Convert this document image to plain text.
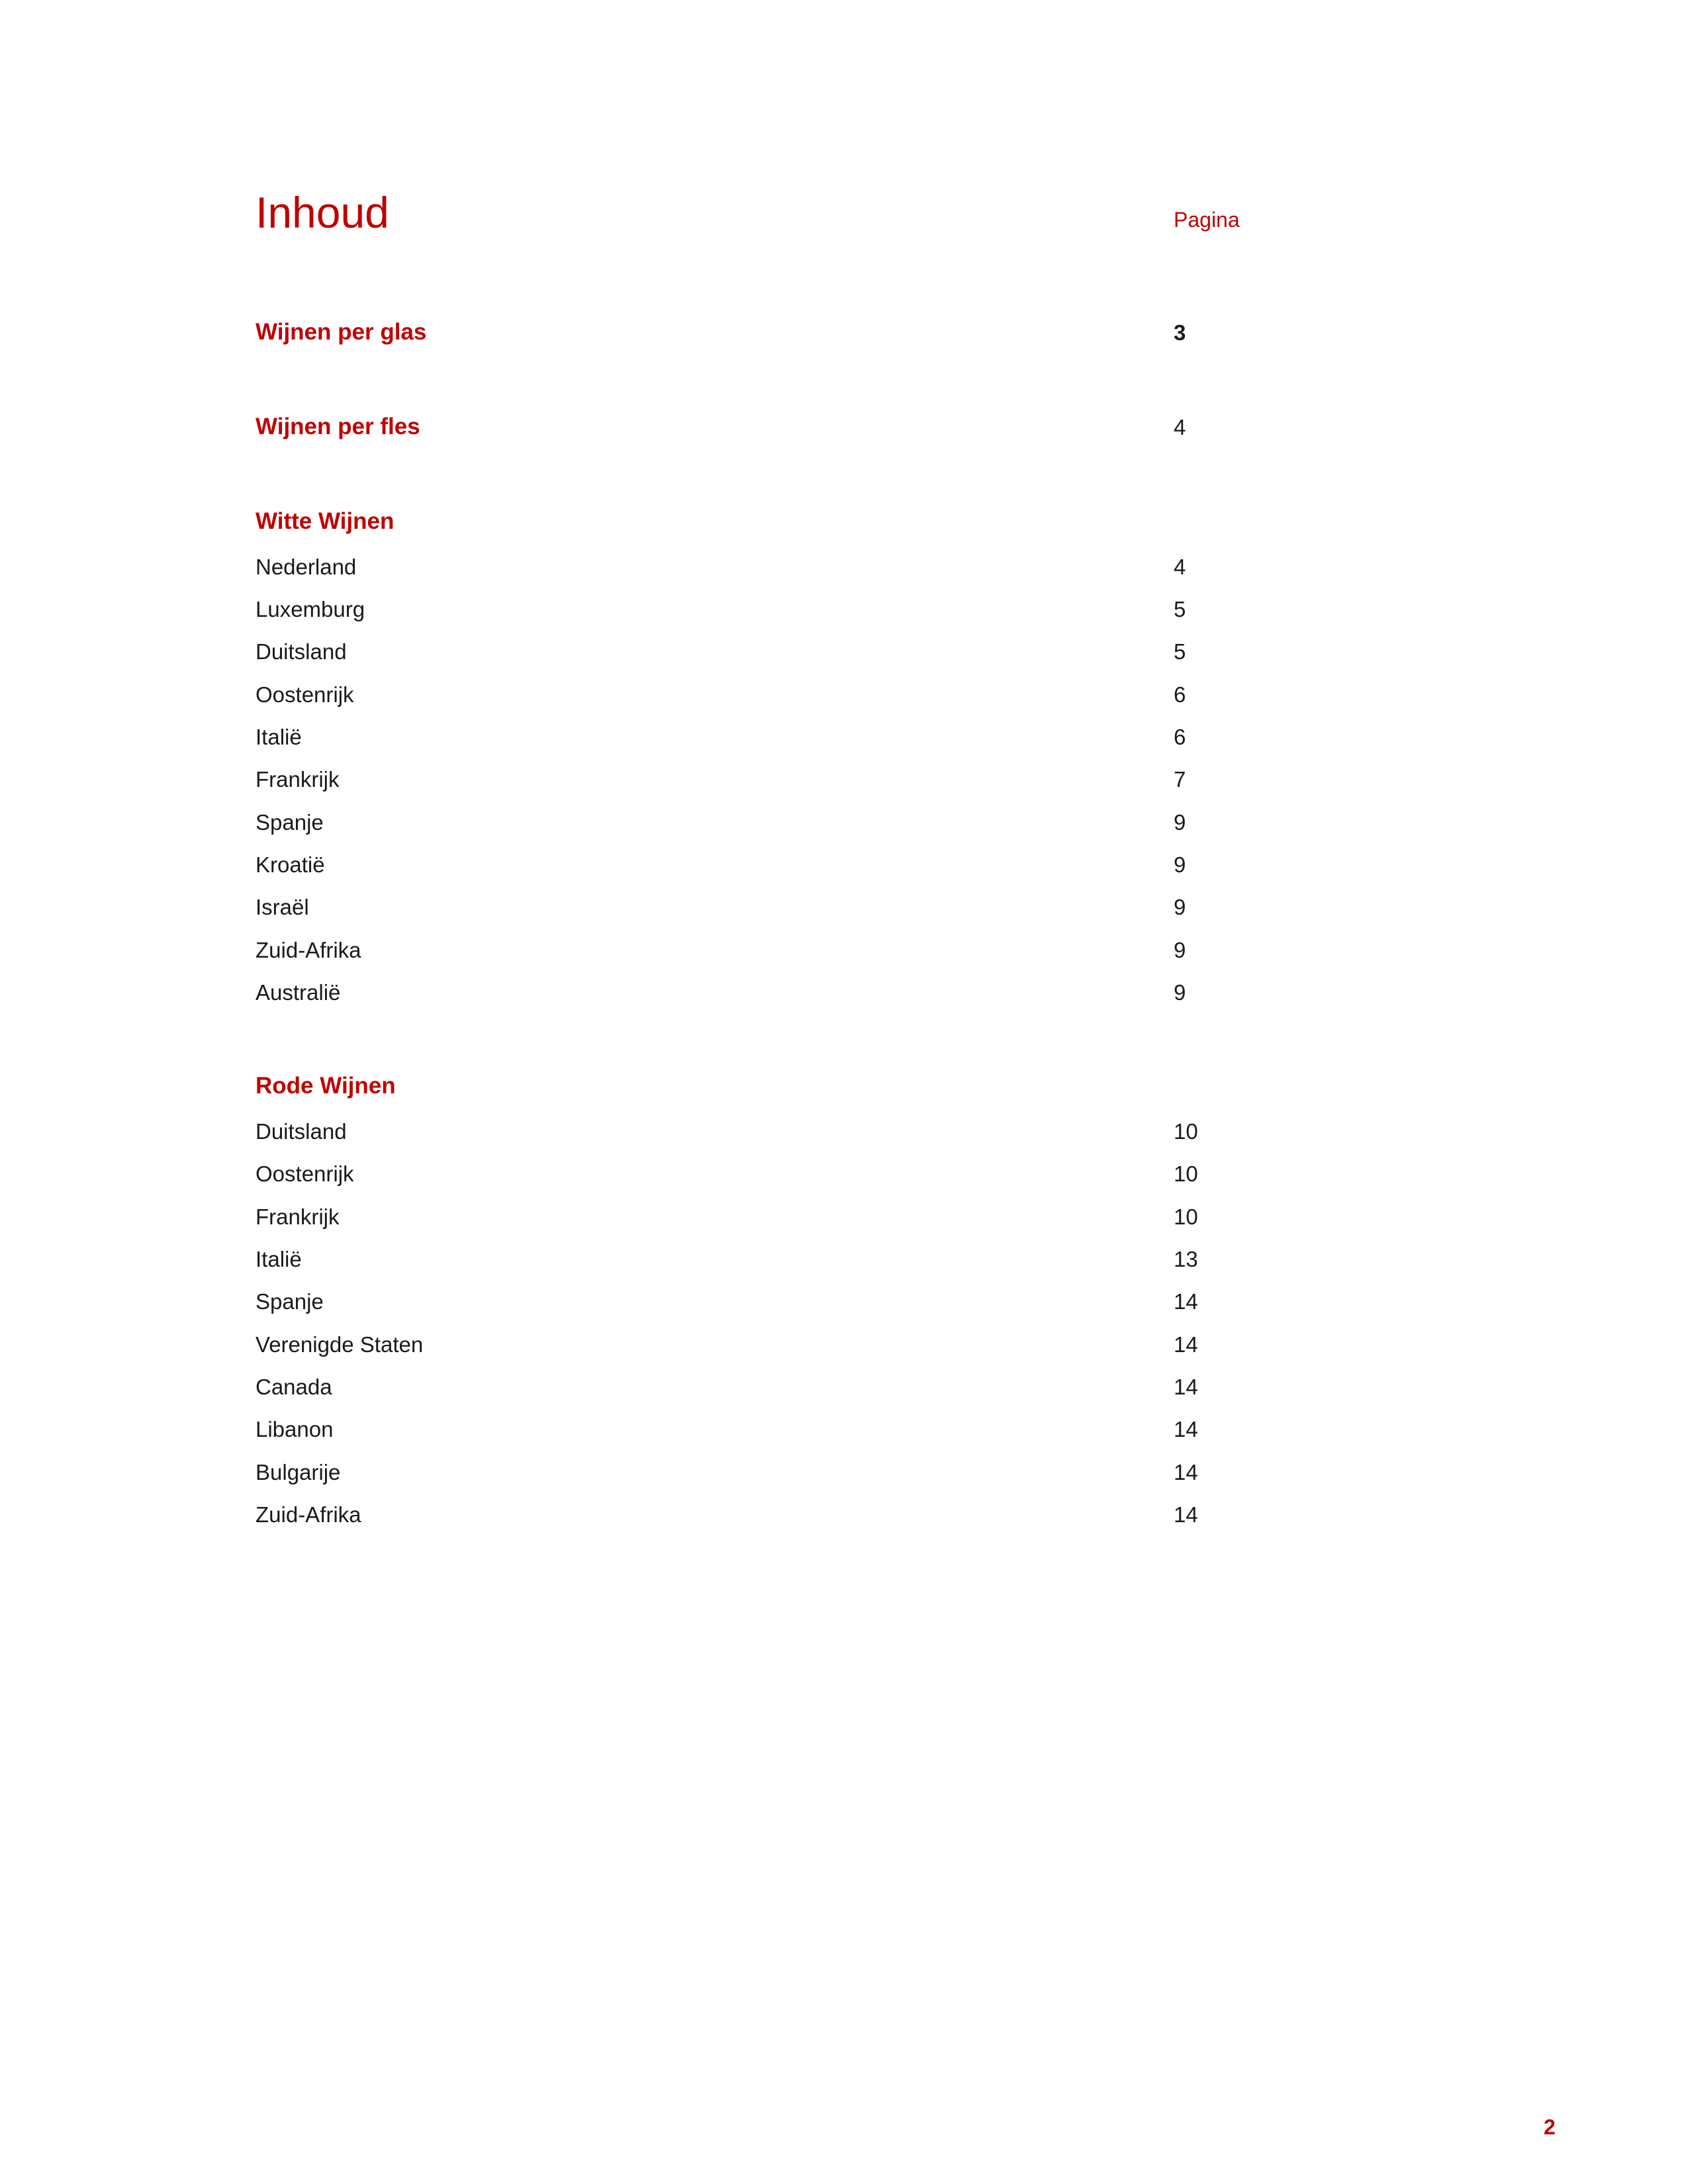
Inhoud	Pagina
Wijnen per glas	3
Wijnen per fles	4
Witte Wijnen
Nederland	4
Luxemburg	5
Duitsland	5
Oostenrijk	6
Italië	6
Frankrijk	7
Spanje	9
Kroatië	9
Israël	9
Zuid-Afrika	9
Australië	9
Rode Wijnen
Duitsland	10
Oostenrijk	10
Frankrijk	10
Italië	13
Spanje	14
Verenigde Staten	14
Canada	14
Libanon	14
Bulgarije	14
Zuid-Afrika	14
2
